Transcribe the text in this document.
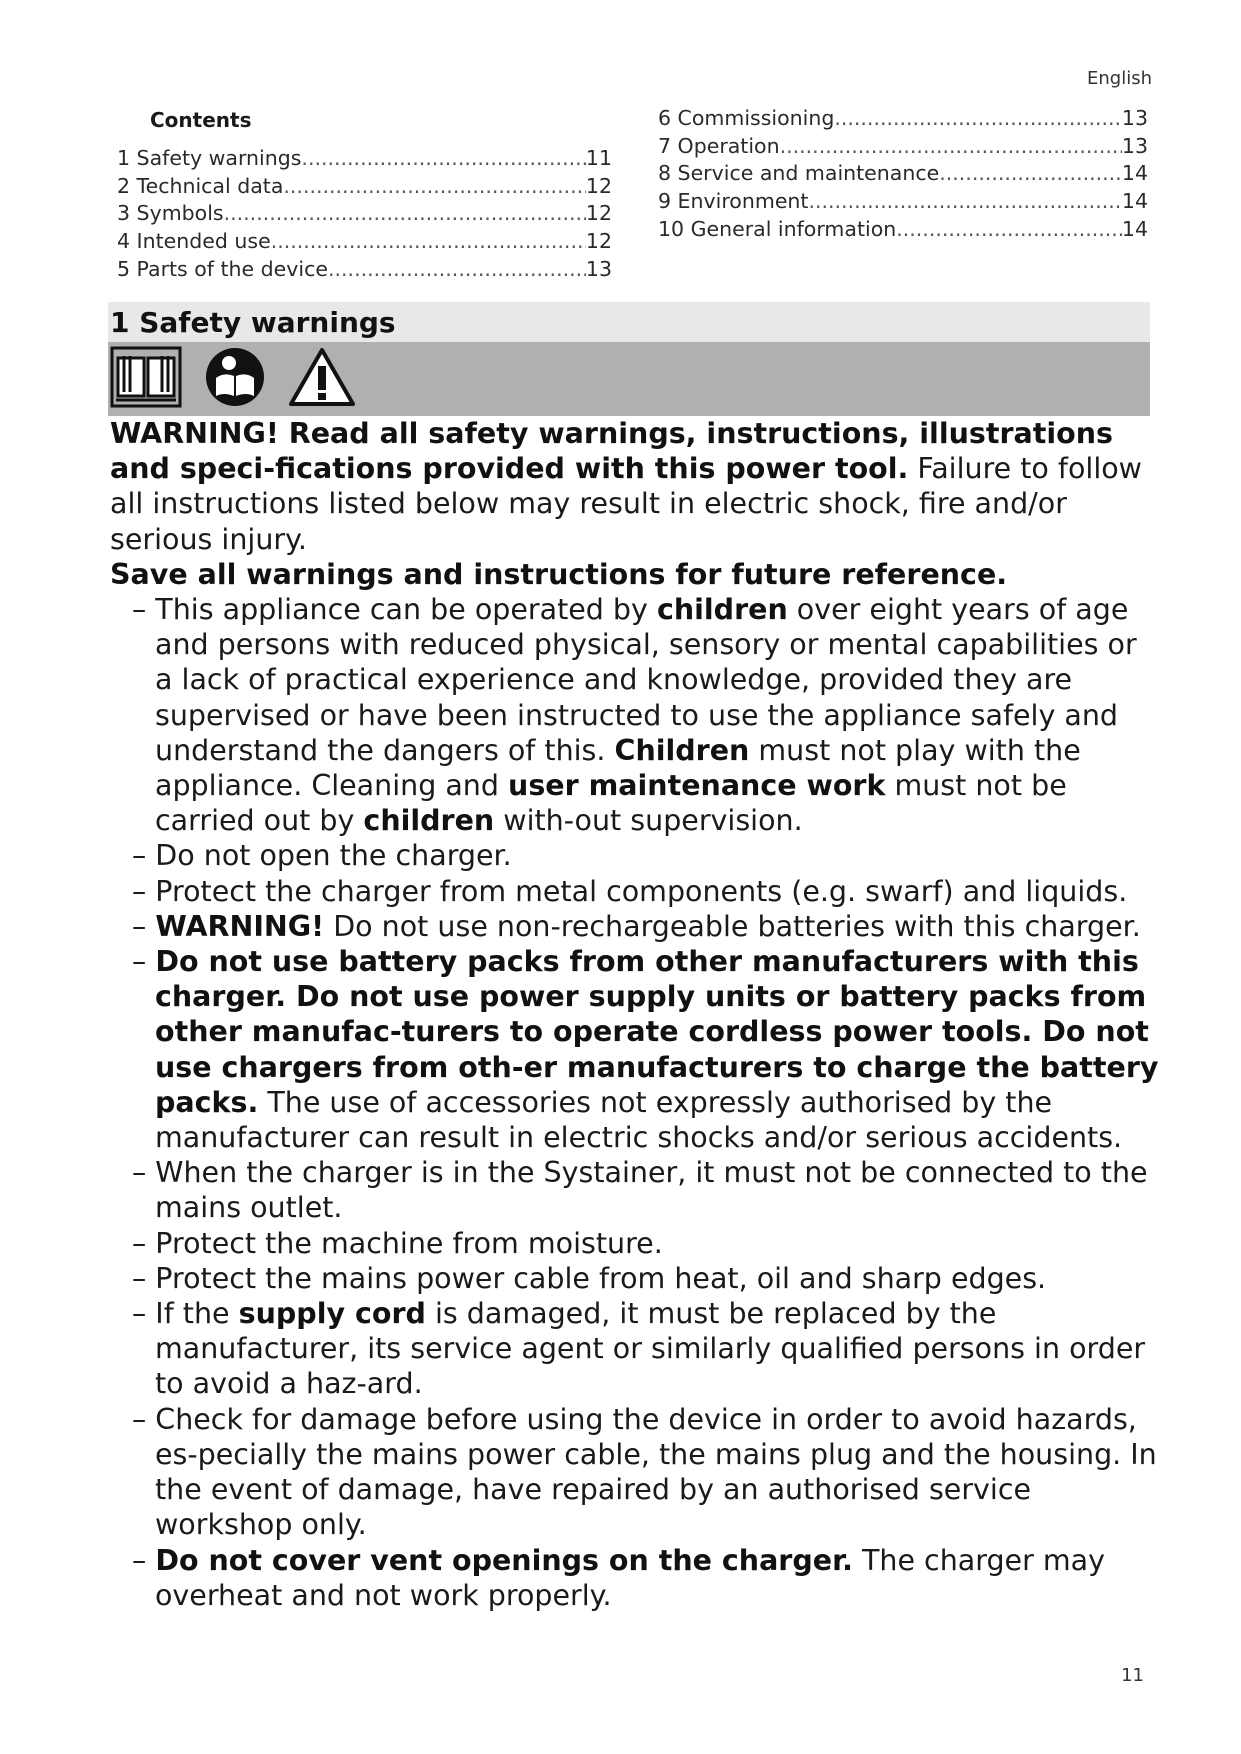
English
Contents
1 Safety warnings .....	11
2 Technical data .....	12
3 Symbols .....	12
4 Intended use .....	12
5 Parts of the device .....	13
6 Commissioning .....	13
7 Operation .....	13
8 Service and maintenance .....	14
9 Environment .....	14
10 General information .....	14
1 Safety warnings

WARNING! Read all safety warnings, instructions, illustrations and speci-fications provided with this power tool. Failure to follow all instructions listed below may result in electric shock, fire and/or serious injury.

Save all warnings and instructions for future reference.

– This appliance can be operated by children over eight years of age and persons with reduced physical, sensory or mental capabilities or a lack of practical experience and knowledge, provided they are supervised or have been instructed to use the appliance safely and understand the dangers of this. Children must not play with the appliance. Cleaning and user maintenance work must not be carried out by children with-out supervision.

– Do not open the charger.

– Protect the charger from metal components (e.g. swarf) and liquids.

– WARNING! Do not use non-rechargeable batteries with this charger.

– Do not use battery packs from other manufacturers with this charger. Do not use power supply units or battery packs from other manufac-turers to operate cordless power tools. Do not use chargers from oth-er manufacturers to charge the battery packs. The use of accessories not expressly authorised by the manufacturer can result in electric shocks and/or serious accidents.

– When the charger is in the Systainer, it must not be connected to the mains outlet.

– Protect the machine from moisture.

– Protect the mains power cable from heat, oil and sharp edges.

– If the supply cord is damaged, it must be replaced by the manufacturer, its service agent or similarly qualified persons in order to avoid a haz-ard.

– Check for damage before using the device in order to avoid hazards, es-pecially the mains power cable, the mains plug and the housing. In the event of damage, have repaired by an authorised service workshop only.

– Do not cover vent openings on the charger. The charger may overheat and not work properly.

11
